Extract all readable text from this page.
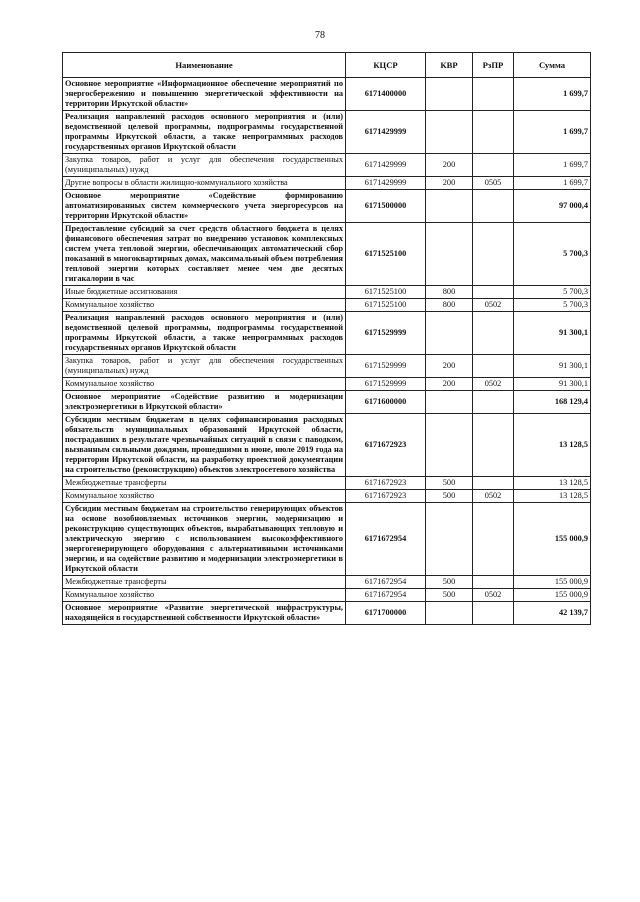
78
Наименование	КЦСР	КВР	РзПР	Сумма
Основное мероприятие «Информационное обеспечение мероприятий по энергосбережению и повышению энергетической эффективности на территории Иркутской области»	6171400000			1 699,7
Реализация направлений расходов основного мероприятия и (или) ведомственной целевой программы, подпрограммы государственной программы Иркутской области, а также непрограммных расходов государственных органов Иркутской области	6171429999			1 699,7
Закупка товаров, работ и услуг для обеспечения государственных (муниципальных) нужд	6171429999	200		1 699,7
Другие вопросы в области жилищно-коммунального хозяйства	6171429999	200	0505	1 699,7
Основное мероприятие «Содействие формированию автоматизированных систем коммерческого учета энергоресурсов на территории Иркутской области»	6171500000			97 000,4
Предоставление субсидий за счет средств областного бюджета в целях финансового обеспечения затрат по внедрению установок комплексных систем учета тепловой энергии, обеспечивающих автоматический сбор показаний в многоквартирных домах, максимальный объем потребления тепловой энергии которых составляет менее чем две десятых гигакалории в час	6171525100			5 700,3
Иные бюджетные ассигнования	6171525100	800		5 700,3
Коммунальное хозяйство	6171525100	800	0502	5 700,3
Реализация направлений расходов основного мероприятия и (или) ведомственной целевой программы, подпрограммы государственной программы Иркутской области, а также непрограммных расходов государственных органов Иркутской области	6171529999			91 300,1
Закупка товаров, работ и услуг для обеспечения государственных (муниципальных) нужд	6171529999	200		91 300,1
Коммунальное хозяйство	6171529999	200	0502	91 300,1
Основное мероприятие «Содействие развитию и модернизации электроэнергетики в Иркутской области»	6171600000			168 129,4
Субсидии местным бюджетам в целях софинансирования расходных обязательств муниципальных образований Иркутской области, пострадавших в результате чрезвычайных ситуаций в связи с паводком, вызванным сильными дождями, прошедшими в июне, июле 2019 года на территории Иркутской области, на разработку проектной документации на строительство (реконструкцию) объектов электросетевого хозяйства	6171672923			13 128,5
Межбюджетные трансферты	6171672923	500		13 128,5
Коммунальное хозяйство	6171672923	500	0502	13 128,5
Субсидии местным бюджетам на строительство генерирующих объектов на основе возобновляемых источников энергии, модернизацию и реконструкцию существующих объектов, вырабатывающих тепловую и электрическую энергию с использованием высокоэффективного энергогенерирующего оборудования с альтернативными источниками энергии, и на содействие развитию и модернизации электроэнергетики в Иркутской области	6171672954			155 000,9
Межбюджетные трансферты	6171672954	500		155 000,9
Коммунальное хозяйство	6171672954	500	0502	155 000,9
Основное мероприятие «Развитие энергетической инфраструктуры, находящейся в государственной собственности Иркутской области»	6171700000			42 139,7
